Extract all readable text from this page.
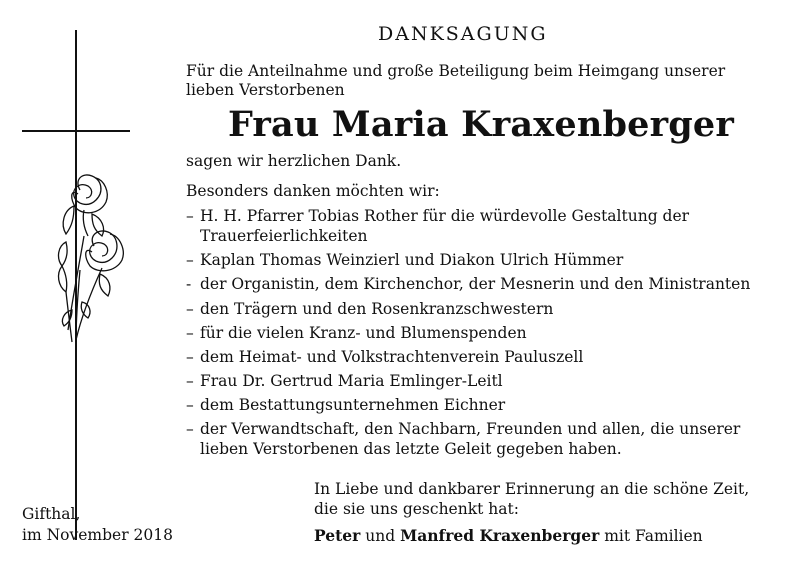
DANKSAGUNG
Für die Anteilnahme und große Beteiligung beim Heimgang unserer lieben Verstorbenen
Frau Maria Kraxenberger
sagen wir herzlichen Dank.
Besonders danken möchten wir:
– H. H. Pfarrer Tobias Rother für die würdevolle Gestaltung der Trauerfeierlichkeiten
– Kaplan Thomas Weinzierl und Diakon Ulrich Hümmer
- der Organistin, dem Kirchenchor, der Mesnerin und den Ministranten
– den Trägern und den Rosenkranzschwestern
– für die vielen Kranz- und Blumenspenden
– dem Heimat- und Volkstrachtenverein Pauluszell
– Frau Dr. Gertrud Maria Emlinger-Leitl
– dem Bestattungsunternehmen Eichner
– der Verwandtschaft, den Nachbarn, Freunden und allen, die unserer lieben Verstorbenen das letzte Geleit gegeben haben.
Gifthal,
im November 2018
In Liebe und dankbarer Erinnerung an die schöne Zeit,
die sie uns geschenkt hat:
Peter und Manfred Kraxenberger mit Familien
